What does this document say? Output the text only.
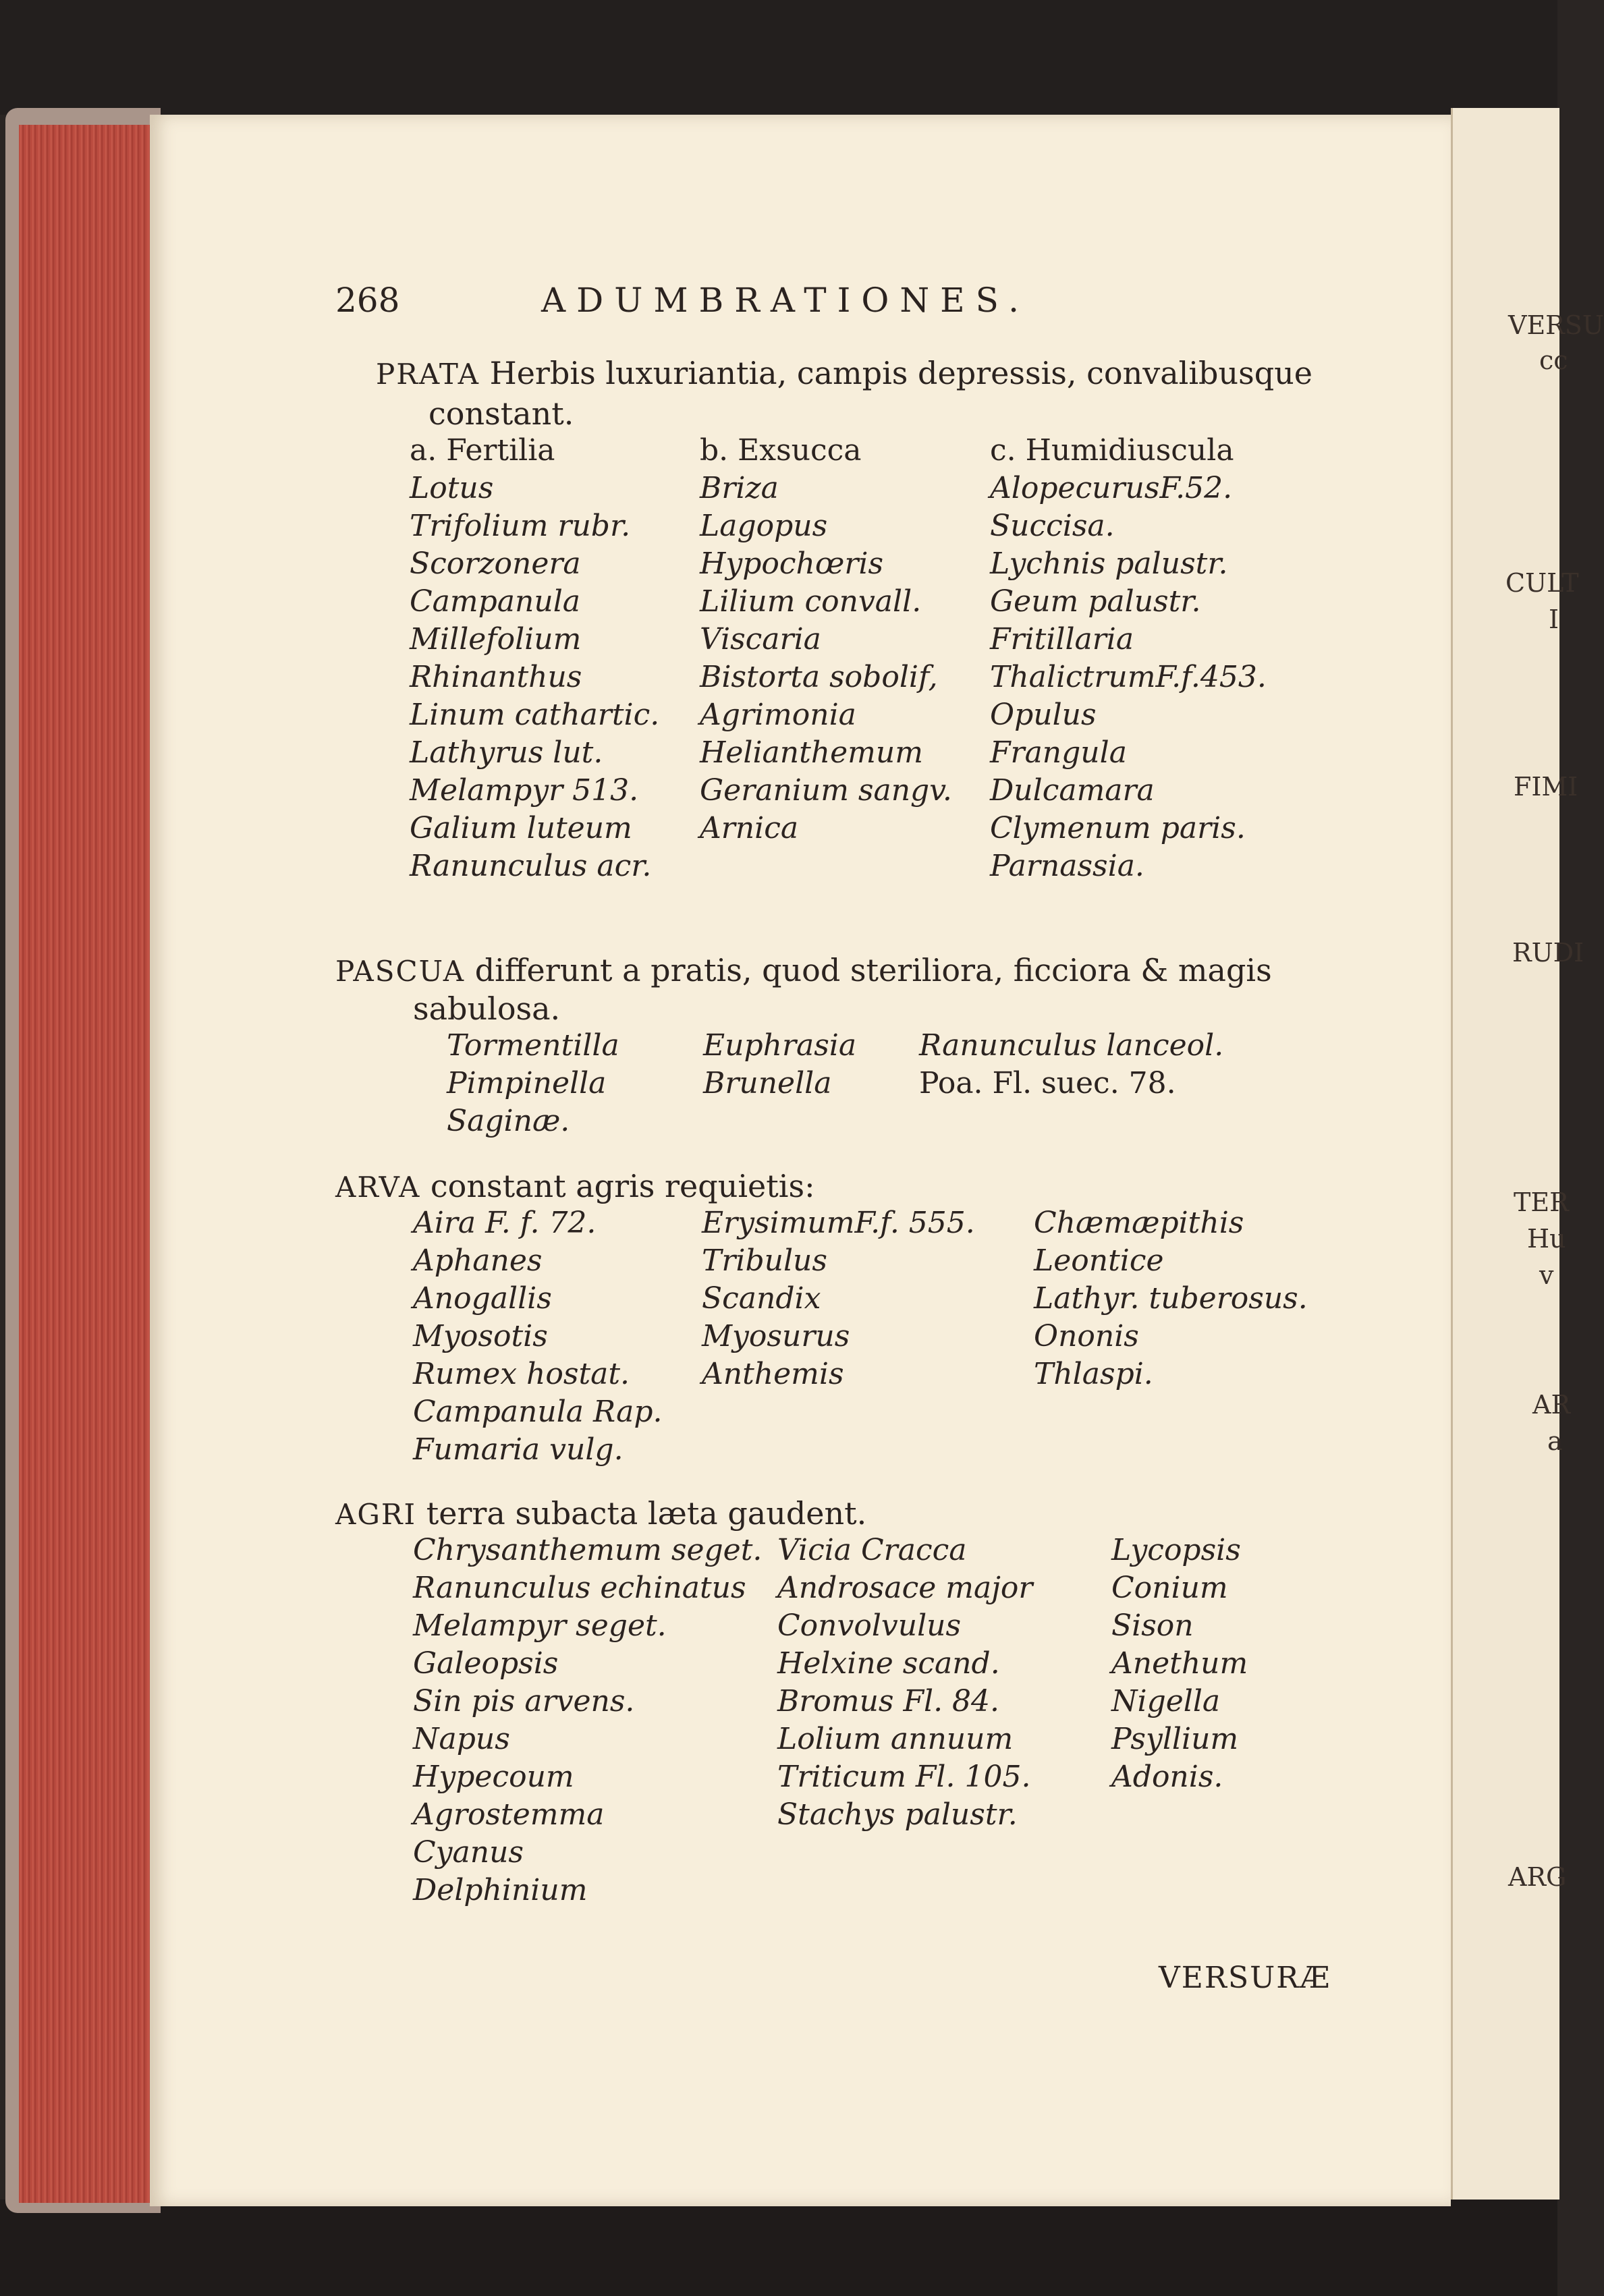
VERSU
cc
CULT
I
FIMI
RUDI
TER
Hu
v
AR
a
ARG
268	ADUMBRATIONES.
PRATA Herbis luxuriantia, campis depressis, convalibusque
constant.
a. Fertilia
Lotus
Trifolium rubr.
Scorzonera
Campanula
Millefolium
Rhinanthus
Linum cathartic.
Lathyrus lut.
Melampyr 513.
Galium luteum
Ranunculus acr.
b. Exsucca
Briza
Lagopus
Hypochœris
Lilium convall.
Viscaria
Bistorta sobolif,
Agrimonia
Helianthemum
Geranium sangv.
Arnica
c. Humidiuscula
AlopecurusF.52.
Succisa.
Lychnis palustr.
Geum palustr.
Fritillaria
ThalictrumF.f.453.
Opulus
Frangula
Dulcamara
Clymenum paris.
Parnassia.
PASCUA differunt a pratis, quod steriliora, ficciora & magis
sabulosa.
Tormentilla
Pimpinella
Saginæ.
Euphrasia
Brunella
Ranunculus lanceol.
Poa. Fl. suec. 78.
ARVA constant agris requietis:
Aira F. f. 72.
Aphanes
Anogallis
Myosotis
Rumex hostat.
Campanula Rap.
Fumaria vulg.
ErysimumF.f. 555.
Tribulus
Scandix
Myosurus
Anthemis
Chæmæpithis
Leontice
Lathyr. tuberosus.
Ononis
Thlaspi.
AGRI terra subacta læta gaudent.
Chrysanthemum seget.
Ranunculus echinatus
Melampyr seget.
Galeopsis
Sin pis arvens.
Napus
Hypecoum
Agrostemma
Cyanus
Delphinium
Vicia Cracca
Androsace major
Convolvulus
Helxine scand.
Bromus Fl. 84.
Lolium annuum
Triticum Fl. 105.
Stachys palustr.
Lycopsis
Conium
Sison
Anethum
Nigella
Psyllium
Adonis.
VERSURÆ
